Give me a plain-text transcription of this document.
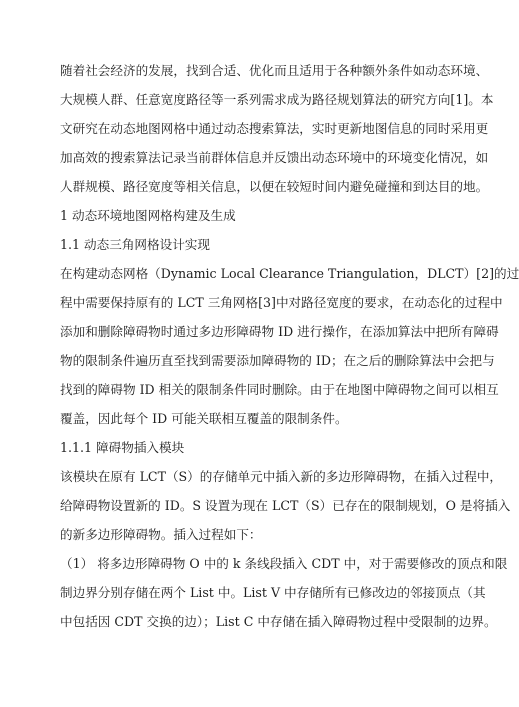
随着社会经济的发展，找到合适、优化而且适用于各种额外条件如动态环境、
大规模人群、任意宽度路径等一系列需求成为路径规划算法的研究方向[1]。本
文研究在动态地图网格中通过动态搜索算法，实时更新地图信息的同时采用更
加高效的搜索算法记录当前群体信息并反馈出动态环境中的环境变化情况，如
人群规模、路径宽度等相关信息，以便在较短时间内避免碰撞和到达目的地。
1 动态环境地图网格构建及生成
1.1 动态三角网格设计实现
在构建动态网格（Dynamic Local Clearance Triangulation，DLCT）[2]的过
程中需要保持原有的 LCT 三角网格[3]中对路径宽度的要求，在动态化的过程中
添加和删除障碍物时通过多边形障碍物 ID 进行操作，在添加算法中把所有障碍
物的限制条件遍历直至找到需要添加障碍物的 ID；在之后的删除算法中会把与
找到的障碍物 ID 相关的限制条件同时删除。由于在地图中障碍物之间可以相互
覆盖，因此每个 ID 可能关联相互覆盖的限制条件。
1.1.1 障碍物插入模块
该模块在原有 LCT（S）的存储单元中插入新的多边形障碍物，在插入过程中，
给障碍物设置新的 ID。S 设置为现在 LCT（S）已存在的限制规划，O 是将插入
的新多边形障碍物。插入过程如下：
（1） 将多边形障碍物 O 中的 k 条线段插入 CDT 中，对于需要修改的顶点和限
制边界分别存储在两个 List 中。List V 中存储所有已修改边的邻接顶点（其
中包括因 CDT 交换的边）；List C 中存储在插入障碍物过程中受限制的边界。
